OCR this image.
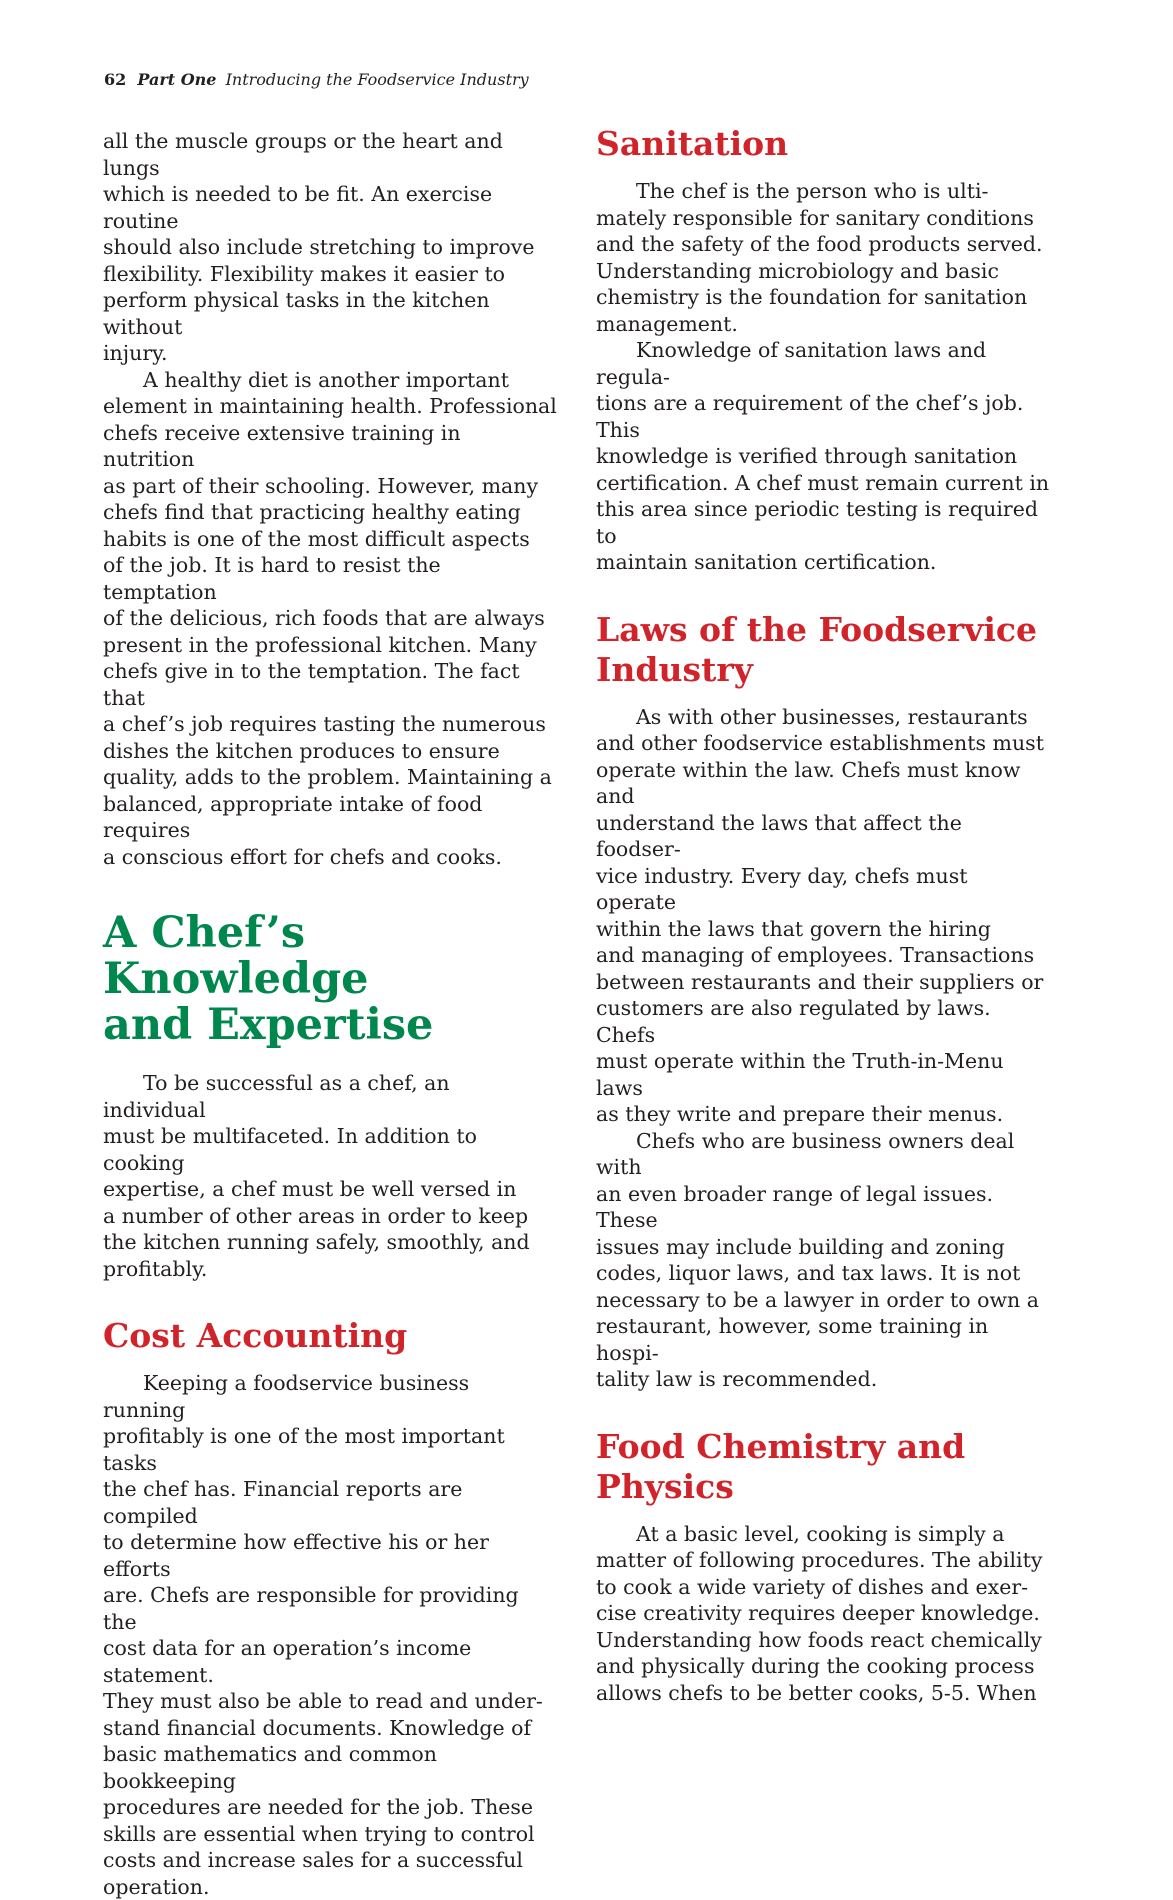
62 Part One Introducing the Foodservice Industry

all the muscle groups or the heart and lungs
which is needed to be fit. An exercise routine
should also include stretching to improve
flexibility. Flexibility makes it easier to
perform physical tasks in the kitchen without
injury.

A healthy diet is another important
element in maintaining health. Professional
chefs receive extensive training in nutrition
as part of their schooling. However, many
chefs find that practicing healthy eating
habits is one of the most difficult aspects
of the job. It is hard to resist the temptation
of the delicious, rich foods that are always
present in the professional kitchen. Many
chefs give in to the temptation. The fact that
a chef’s job requires tasting the numerous
dishes the kitchen produces to ensure
quality, adds to the problem. Maintaining a
balanced, appropriate intake of food requires
a conscious effort for chefs and cooks.

A Chef’s Knowledge
and Expertise

To be successful as a chef, an individual
must be multifaceted. In addition to cooking
expertise, a chef must be well versed in
a number of other areas in order to keep
the kitchen running safely, smoothly, and
profitably.

Cost Accounting

Keeping a foodservice business running
profitably is one of the most important tasks
the chef has. Financial reports are compiled
to determine how effective his or her efforts
are. Chefs are responsible for providing the
cost data for an operation’s income statement.
They must also be able to read and under-
stand financial documents. Knowledge of
basic mathematics and common bookkeeping
procedures are needed for the job. These
skills are essential when trying to control
costs and increase sales for a successful
operation.

Sanitation

The chef is the person who is ulti-
mately responsible for sanitary conditions
and the safety of the food products served.
Understanding microbiology and basic
chemistry is the foundation for sanitation
management.

Knowledge of sanitation laws and regula-
tions are a requirement of the chef’s job. This
knowledge is verified through sanitation
certification. A chef must remain current in
this area since periodic testing is required to
maintain sanitation certification.

Laws of the Foodservice
Industry

As with other businesses, restaurants
and other foodservice establishments must
operate within the law. Chefs must know and
understand the laws that affect the foodser-
vice industry. Every day, chefs must operate
within the laws that govern the hiring
and managing of employees. Transactions
between restaurants and their suppliers or
customers are also regulated by laws. Chefs
must operate within the Truth-in-Menu laws
as they write and prepare their menus.

Chefs who are business owners deal with
an even broader range of legal issues. These
issues may include building and zoning
codes, liquor laws, and tax laws. It is not
necessary to be a lawyer in order to own a
restaurant, however, some training in hospi-
tality law is recommended.

Food Chemistry and
Physics

At a basic level, cooking is simply a
matter of following procedures. The ability
to cook a wide variety of dishes and exer-
cise creativity requires deeper knowledge.
Understanding how foods react chemically
and physically during the cooking process
allows chefs to be better cooks, 5-5. When
